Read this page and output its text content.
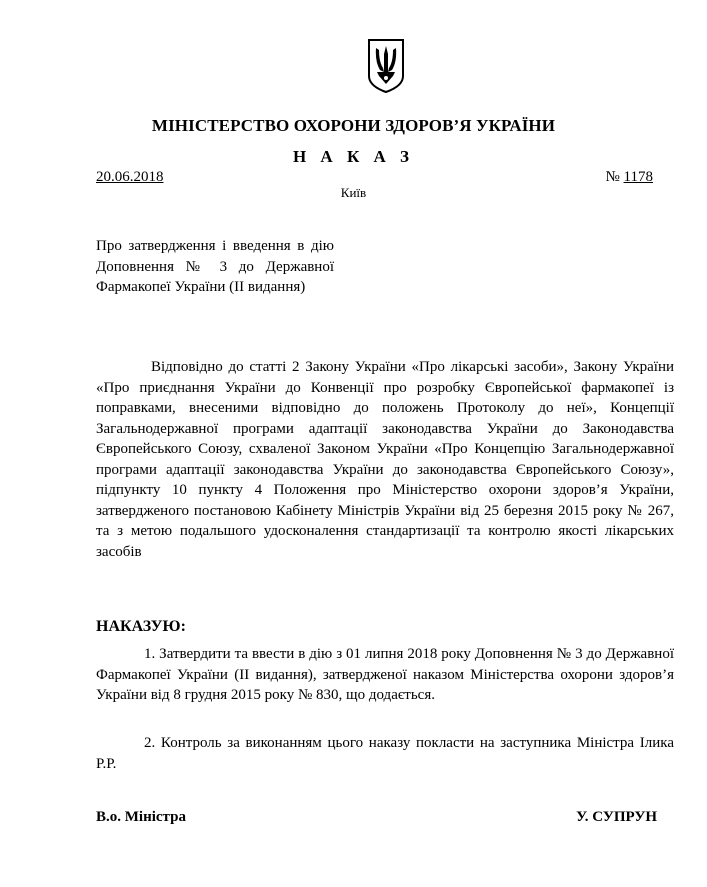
МІНІСТЕРСТВО ОХОРОНИ ЗДОРОВ’Я УКРАЇНИ
Н А К А З
20.06.2018	№ 1178
Київ
Про затвердження і введення в дію Доповнення № 3 до Державної Фармакопеї України (ІІ видання)
Відповідно до статті 2 Закону України «Про лікарські засоби», Закону України «Про приєднання України до Конвенції про розробку Європейської фармакопеї із поправками, внесеними відповідно до положень Протоколу до неї», Концепції Загальнодержавної програми адаптації законодавства України до Законодавства Європейського Союзу, схваленої Законом України «Про Концепцію Загальнодержавної програми адаптації законодавства України до законодавства Європейського Союзу», підпункту 10 пункту 4 Положення про Міністерство охорони здоров’я України, затвердженого постановою Кабінету Міністрів України від 25 березня 2015 року № 267, та з метою подальшого удосконалення стандартизації та контролю якості лікарських засобів
НАКАЗУЮ:
1. Затвердити та ввести в дію з 01 липня 2018 року Доповнення № 3 до Державної Фармакопеї України (ІІ видання), затвердженої наказом Міністерства охорони здоров’я України від 8 грудня 2015 року № 830, що додається.
2. Контроль за виконанням цього наказу покласти на заступника Міністра Ілика Р.Р.
В.о. Міністра	У. СУПРУН
